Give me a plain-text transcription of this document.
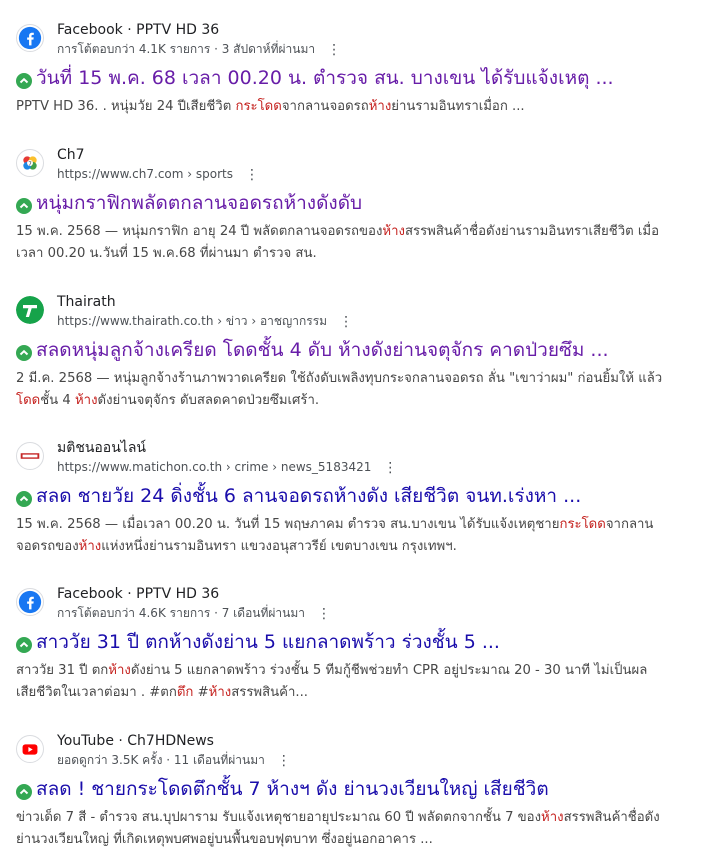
Facebook · PPTV HD 36
การโต้ตอบกว่า 4.1K รายการ · 3 สัปดาห์ที่ผ่านมา ⋮
วันที่ 15 พ.ค. 68 เวลา 00.20 น. ตำรวจ สน. บางเขน ได้รับแจ้งเหตุ ...
PPTV HD 36. ￼. หนุ่มวัย 24 ปีเสียชีวิต กระโดดจากลานจอดรถห้างย่านรามอินทราเมื่อก ...
7
Ch7
https://www.ch7.com › sports ⋮
หนุ่มกราฟิกพลัดตกลานจอดรถห้างดังดับ
15 พ.ค. 2568 — หนุ่มกราฟิก อายุ 24 ปี พลัดตกลานจอดรถของห้างสรรพสินค้าชื่อดังย่านรามอินทราเสียชีวิต เมื่อเวลา 00.20 น.วันที่ 15 พ.ค.68 ที่ผ่านมา ตำรวจ สน.
Thairath
https://www.thairath.co.th › ข่าว › อาชญากรรม ⋮
สลดหนุ่มลูกจ้างเครียด โดดชั้น 4 ดับ ห้างดังย่านจตุจักร คาดป่วยซึม ...
2 มี.ค. 2568 — หนุ่มลูกจ้างร้านภาพวาดเครียด ใช้ถังดับเพลิงทุบกระจกลานจอดรถ ลั่น "เขาว่าผม" ก่อนยิ้มให้ แล้วโดดชั้น 4 ห้างดังย่านจตุจักร ดับสลดคาดป่วยซึมเศร้า.
มติชนออนไลน์
https://www.matichon.co.th › crime › news_5183421 ⋮
สลด ชายวัย 24 ดิ่งชั้น 6 ลานจอดรถห้างดัง เสียชีวิต จนท.เร่งหา ...
15 พ.ค. 2568 — เมื่อเวลา 00.20 น. วันที่ 15 พฤษภาคม ตำรวจ สน.บางเขน ได้รับแจ้งเหตุชายกระโดดจากลานจอดรถของห้างแห่งหนึ่งย่านรามอินทรา แขวงอนุสาวรีย์ เขตบางเขน กรุงเทพฯ.
Facebook · PPTV HD 36
การโต้ตอบกว่า 4.6K รายการ · 7 เดือนที่ผ่านมา ⋮
สาววัย 31 ปี ตกห้างดังย่าน 5 แยกลาดพร้าว ร่วงชั้น 5 ...
สาววัย 31 ปี ตกห้างดังย่าน 5 แยกลาดพร้าว ร่วงชั้น 5 ทีมกู้ชีพช่วยทำ CPR อยู่ประมาณ 20 - 30 นาที ไม่เป็นผลเสียชีวิตในเวลาต่อมา . #ตกตึก #ห้างสรรพสินค้า...
YouTube · Ch7HDNews
ยอดดูกว่า 3.5K ครั้ง · 11 เดือนที่ผ่านมา ⋮
สลด ! ชายกระโดดตึกชั้น 7 ห้างฯ ดัง ย่านวงเวียนใหญ่ เสียชีวิต
ข่าวเด็ด 7 สี - ตำรวจ สน.บุปผาราม รับแจ้งเหตุชายอายุประมาณ 60 ปี พลัดตกจากชั้น 7 ของห้างสรรพสินค้าชื่อดังย่านวงเวียนใหญ่ ที่เกิดเหตุพบศพอยู่บนพื้นขอบฟุตบาท ซึ่งอยู่นอกอาคาร ...
